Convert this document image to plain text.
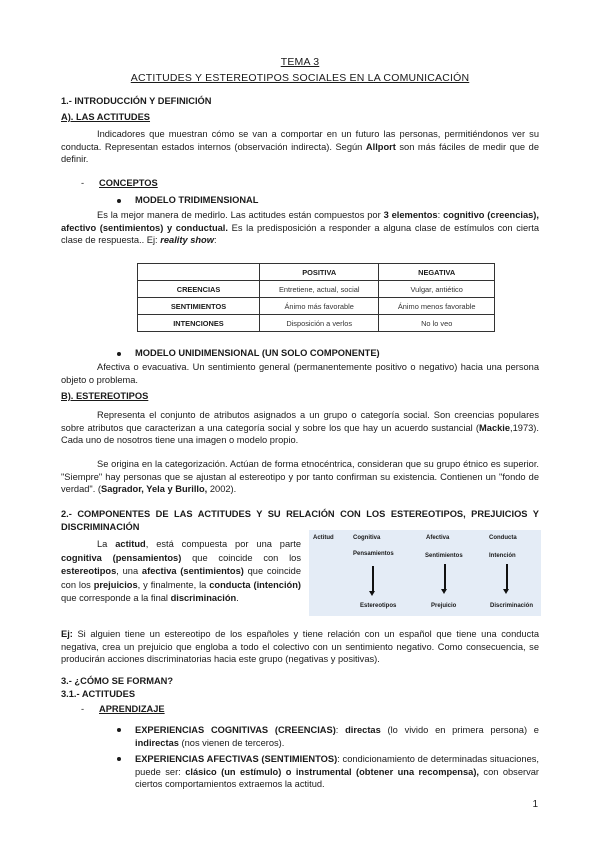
TEMA 3
ACTITUDES Y ESTEREOTIPOS SOCIALES EN LA COMUNICACIÓN
1.- INTRODUCCIÓN Y DEFINICIÓN
A). LAS ACTITUDES
Indicadores que muestran cómo se van a comportar en un futuro las personas, permitiéndonos ver su conducta. Representan estados internos (observación indirecta). Según Allport son más fáciles de medir que de definir.
- CONCEPTOS
MODELO TRIDIMENSIONAL
Es la mejor manera de medirlo. Las actitudes están compuestos por 3 elementos: cognitivo (creencias), afectivo (sentimientos) y conductual. Es la predisposición a responder a alguna clase de estímulos con cierta clase de respuesta.. Ej: reality show:
	POSITIVA	NEGATIVA
CREENCIAS	Entretiene, actual, social	Vulgar, antiético
SENTIMIENTOS	Ánimo más favorable	Ánimo menos favorable
INTENCIONES	Disposición a verlos	No lo veo
MODELO UNIDIMENSIONAL (UN SOLO COMPONENTE)
Afectiva o evacuativa. Un sentimiento general (permanentemente positivo o negativo) hacia una persona objeto o problema.
B). ESTEREOTIPOS
Representa el conjunto de atributos asignados a un grupo o categoría social. Son creencias populares sobre atributos que caracterizan a una categoría social y sobre los que hay un acuerdo sustancial (Mackie,1973). Cada uno de nosotros tiene una imagen o modelo propio.
Se origina en la categorización. Actúan de forma etnocéntrica, consideran que su grupo étnico es superior. "Siempre" hay personas que se ajustan al estereotipo y por tanto confirman su existencia. Contienen un "fondo de verdad". (Sagrador, Yela y Burillo, 2002).
2.- COMPONENTES DE LAS ACTITUDES Y SU RELACIÓN CON LOS ESTEREOTIPOS, PREJUICIOS Y DISCRIMINACIÓN
La actitud, está compuesta por una parte cognitiva (pensamientos) que coincide con los estereotipos, una afectiva (sentimientos) que coincide con los prejuicios, y finalmente, la conducta (intención) que corresponde a la final discriminación.
Actitud	Cognitiva	Afectiva	Conducta
Pensamientos	Sentimientos	Intención
Estereotipos	Prejuicio	Discriminación
Ej: Si alguien tiene un estereotipo de los españoles y tiene relación con un español que tiene una conducta negativa, crea un prejuicio que engloba a todo el colectivo con un sentimiento negativo. Como consecuencia, se producirán acciones discriminatorias hacia este grupo (negativas y positivas).
3.- ¿CÓMO SE FORMAN?
3.1.- ACTITUDES
- APRENDIZAJE
EXPERIENCIAS COGNITIVAS (CREENCIAS): directas (lo vivido en primera persona) e indirectas (nos vienen de terceros).
EXPERIENCIAS AFECTIVAS (SENTIMIENTOS): condicionamiento de determinadas situaciones, puede ser: clásico (un estímulo) o instrumental (obtener una recompensa), con observar ciertos comportamientos extraemos la actitud.
1
